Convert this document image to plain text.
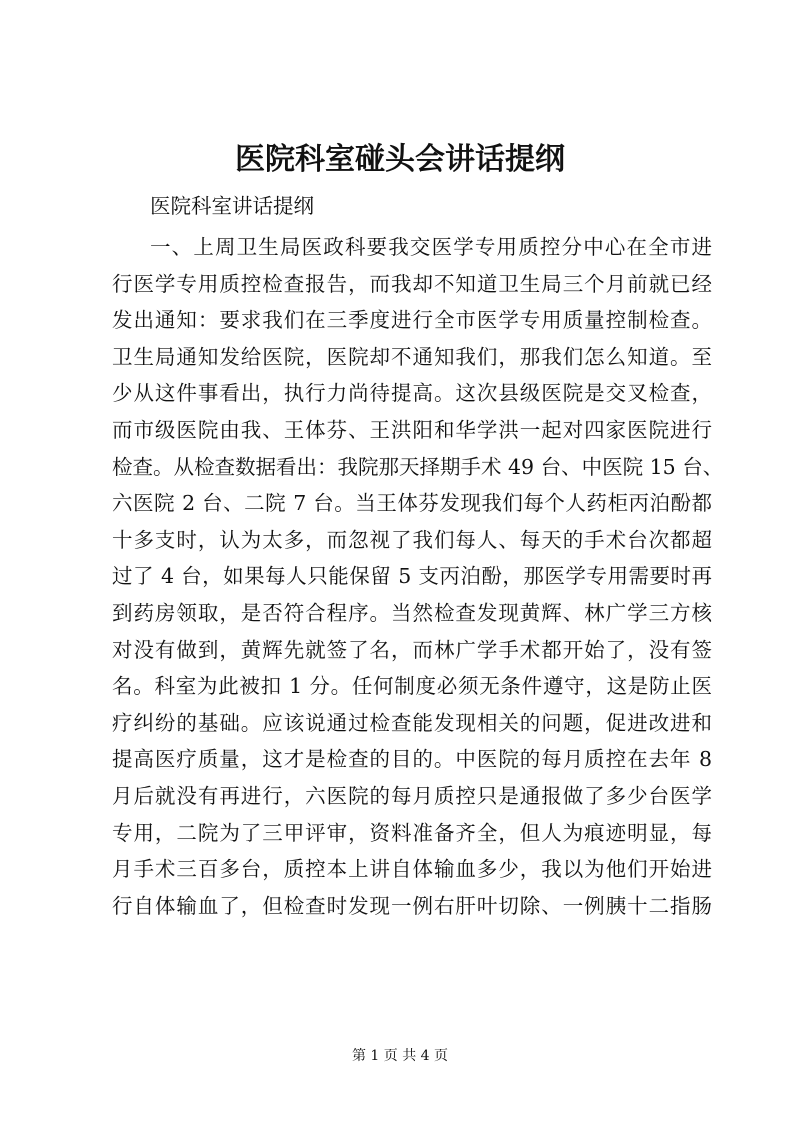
医院科室碰头会讲话提纲
医院科室讲话提纲
一、上周卫生局医政科要我交医学专用质控分中心在全市进
行医学专用质控检查报告，而我却不知道卫生局三个月前就已经
发出通知：要求我们在三季度进行全市医学专用质量控制检查。
卫生局通知发给医院，医院却不通知我们，那我们怎么知道。至
少从这件事看出，执行力尚待提高。这次县级医院是交叉检查，
而市级医院由我、王体芬、王洪阳和华学洪一起对四家医院进行
检查。从检查数据看出：我院那天择期手术 49 台、中医院 15 台、
六医院 2 台、二院 7 台。当王体芬发现我们每个人药柜丙泊酚都
十多支时，认为太多，而忽视了我们每人、每天的手术台次都超
过了 4 台，如果每人只能保留 5 支丙泊酚，那医学专用需要时再
到药房领取，是否符合程序。当然检查发现黄辉、林广学三方核
对没有做到，黄辉先就签了名，而林广学手术都开始了，没有签
名。科室为此被扣 1 分。任何制度必须无条件遵守，这是防止医
疗纠纷的基础。应该说通过检查能发现相关的问题，促进改进和
提高医疗质量，这才是检查的目的。中医院的每月质控在去年 8
月后就没有再进行，六医院的每月质控只是通报做了多少台医学
专用，二院为了三甲评审，资料准备齐全，但人为痕迹明显，每
月手术三百多台，质控本上讲自体输血多少，我以为他们开始进
行自体输血了，但检查时发现一例右肝叶切除、一例胰十二指肠
第 1 页 共 4 页
